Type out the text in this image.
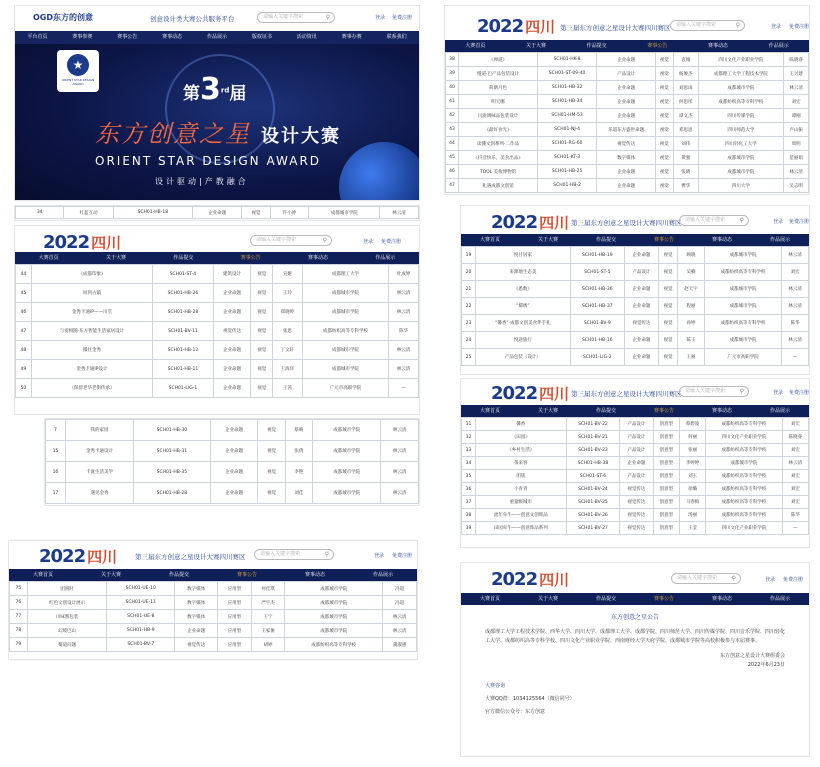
OGD东方的创意	创意设计类大赛公共服务平台	请输入关键字搜索	⚲	登录 免费注册
平台首页	赛事参赛	赛事公告	赛事动态	作品展示	版权证书	活动资讯	赛事办赛	联系我们
★
ORIENT STAR DESIGN AWARD	第3rd届
东方创意之星 设计大赛
ORIENT STAR DESIGN AWARD
设计驱动|产教融合
34	红蓝互动	SCH01-HB-18	企业命题	视觉	许小婷	成都城市学院	林云清
2022 四川 第三届东方创意之星设计大赛四川赛区	请输入关键字搜索	⚲	登录 免费注册
大赛首页	关于大赛	作品提交	赛事公告	赛事动态	作品展示
38	《禅道》	SCH01-HK-8	企业命题	视觉	袁城	四川文化产业职业学院	陈晓睿
39	慢道·巴产品包装设计	SCH01-ST-09-40	产品设计	视觉	杨俊杰	成都理工大学工程技术学院	王兴建
40	荷塘月色	SCH01-HB-32	企业命题	视觉	刘思雨	成都城市学院	林云清
41	明天哪	SCH01-HB-34	企业命题	视觉	何思彤	成都纺织高等专科学校	刘宏
42	川渝调味品包装设计	SCH01-HM-53	企业命题	视觉	谭文杰	四川传媒学院	谭刚
43	《最好食光》	SCH01-NJ-4	乐道东方盛世命题	视觉	邓思思	四川师范大学	卢山振
44	读懂文创系列·二作品	SCH01-RG-60	视觉传达	视觉	刘伟	四川轻化工大学	周明
45	《抖音快乐，美食出品》	SCH01-KT-3	数字媒体	视觉	黄强	成都城市学院	范丽娟
46	TOOL 美妆博物馆	SCH01-HB-25	企业命题	视觉	张晓	成都城市学院	林云清
47	礼遇成都文创馆	SCH01-HB-2	企业命题	视觉	曹华	四川大学	吴志明
2022 四川	请输入关键字搜索	⚲	登录 免费注册
大赛首页	关于大赛	作品提交	赛事公告	赛事动态	作品展示
44	《成都印象》	SCH01-ST-4	建筑设计	视觉	宣娅	成都理工大学	杜成婷
45	回到古镇	SCH01-HB-26	企业命题	视觉	王玲	成都城市学院	林云清
46	金秀卡通IP——川烹	SCH01-HB-28	企业命题	视觉	郑晓婷	成都城市学院	林云清
47	与爱相随·东方智能生活家居设计	SCH01-BV-11	视觉传达	视觉	张思	成都纺织高等专科学校	陈华
48	搬往金秀	SCH01-HB-12	企业命题	视觉	丁文轩	成都城市学院	林云清
49	金秀卡通IP设计	SCH01-HB-11	企业命题	视觉	王海洋	成都城市学院	林云清
50	《保留老华老街传承》	SCH01-LIG-1	企业命题	视觉	王茜	广元市高职学院	—
7	我的家园	SCH01-HB-30	企业命题	视觉	蔡晴	成都城市学院	林云清
15	金秀卡通设计	SCH01-HB-31	企业命题	视觉	张倩	成都城市学院	林云清
16	卡诞生活美学	SCH01-HB-35	企业命题	视觉	李艳	成都城市学院	林云清
17	遇见金秀	SCH01-HB-28	企业命题	视觉	刘佳	成都城市学院	林云清
2022 四川 第三届东方创意之星设计大赛四川赛区 请输入关键字搜索 ⚲	登录 免费注册
大赛首页	关于大赛	作品提交	赛事公告	赛事动态	作品展示
19	悦目居家	SCH01-HB-19	企业命题	视觉	顾晓	成都城市学院	林云清
20	来源地生态美	SCH01-ST-5	产品设计	视觉	吴楠	成都纺织高等专科学校	刘宏
21	《悉数》	SCH01-HB-36	企业命题	视觉	赵天宇	成都城市学院	林云清
22	“蜀绣”	SCH01-HB-37	企业命题	视觉	程丽	成都城市学院	林云清
23	“馨香”·成都文创美食伴手礼	SCH01-BV-9	视觉传达	视觉	孙婷	成都纺织高等专科学校	陈华
24	悦途旅行	SCH01-HB-16	企业命题	视觉	陈玉	成都城市学院	林云清
25	产品包装（设计）	SCH01-LIG-2	企业命题	视觉	王丽	广元市高职学院	—
2022 四川 第三届东方创意之星设计大赛四川赛区 请输入关键字搜索 ⚲	登录 免费注册
大赛首页	关于大赛	作品提交	赛事公告	赛事动态	作品展示
31	馨香	SCH01-BV-22	产品设计	创意型	蔡碧波	成都纺织高等专科学校	刘宏
32	《田园》	SCH01-BV-21	产品设计	创意型	何丽	四川文化产业职业学院	陈晓睿
33	《乡村生活》	SCH01-BV-23	产品设计	创意型	张丽	成都纺织高等专科学校	刘宏
34	茶来客	SCH01-HB-38	企业命题	创意型	李婷婷	成都城市学院	林云清
35	团簇	SCH01-ST-6	产品设计	创意型	刘玉	成都纺织高等专科学校	刘宏
36	小青青	SCH01-BV-24	视觉传达	创意型	徐璐	成都纺织高等专科学校	刘宏
37	重量级城市	SCH01-BV-25	视觉传达	创意型	马春梅	成都纺织高等专科学校	刘宏
38	流年牵牛——创意文创饰品	SCH01-BV-26	视觉传达	创意型	汤丽	成都纺织高等专科学校	陈华
39	田园牵牛——创意饰品系列	SCH01-BV-27	视觉传达	创意型	王莹	四川文化产业职业学院	—
2022 四川	第三届东方创意之星设计大赛四川赛区	请输入关键字搜索	⚲	登录 免费注册
大赛首页	关于大赛	作品提交	赛事公告	赛事动态	作品展示
75	团圆时	SCH01-UE-10	数字媒体	应用型	何佳琪	成都城市学院	冯超
76	红色文创设计展示	SCH01-UE-11	数字媒体	应用型	严宇杰	成都城市学院	冯超
77	川味酱包装	SCH01-UE-8	数字媒体	应用型	王宁	成都城市学院	林云清
78	幻境巴山	SCH01-HB-9	企业命题	应用型	王家俊	成都城市学院	林云清
79	蜀道问题	SCH01-BV-7	视觉传达	应用型	胡婷	成都纺织高等专科学校	蒲淑惠
2022 四川	请输入关键字搜索 ⚲	登录 免费注册
大赛首页	关于大赛	作品提交	赛事公告	赛事动态	作品展示
东方创意之星公告

成都理工大学工程技术学院、西华大学、四川大学、成都理工大学、成都学院、四川师范大学、四川传媒学院、四川音乐学院、四川轻化工大学、成都纺织高等专科学校、四川文化产业职业学院、西南财经大学天府学院、成都城市学院等高校积极参与本届赛事。

东方创意之星设计大赛组委会
2022年6月23日
大赛咨询
大赛QQ群：1034125564（微信同号）
官方微信公众号：东方创意
